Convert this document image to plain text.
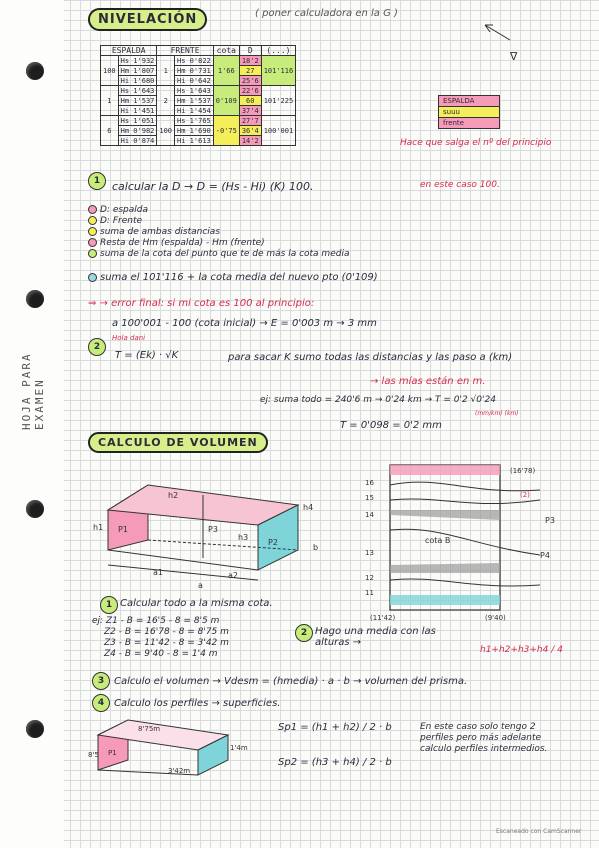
HOJA PARA EXAMEN
NIVELACIÓN	( poner calculadora en la G )
∇
ESPALDA		FRENTE		cota	D	(...)
100	Hs 1'932	1	Hs 0'822	1'66	18'2	101'116
	Hm 1'807		Hm 0'731		27	
	Hi 1'680		Hi 0'642		25'6	
1	Hs 1'643	2	Hs 1'643	0'109	22'6	101'225
	Hm 1'537		Hm 1'537		60	
	Hi 1'451		Hi 1'454		37'4	
6	Hs 1'051	100	Hs 1'765	-0'75	27'7	100'001
	Hm 0'982		Hm 1'690		36'4	
	Hi 0'874		Hi 1'613		14'2	
ESPALDA
suuu
frente
Hace que salga el nº del principio
en este caso 100.
1	calcular la D → D = (Hs - Hi) (K) 100.
D: espalda
D: Frente
suma de ambas distancias
Resta de Hm (espalda) - Hm (frente)
suma de la cota del punto que te de más la cota media
suma el 101'116 + la cota media del nuevo pto (0'109)
⇒ → error final: si mi cota es 100 al principio:
a 100'001 - 100 (cota inicial) → E = 0'003 m → 3 mm
2
Hola dani
T = (Ek) · √K	para sacar K sumo todas las distancias y las paso a (km)
→ las mías están en m.
ej: suma todo = 240'6 m → 0'24 km → T = 0'2 √0'24
(mm/km) (km)
T = 0'098 = 0'2 mm
CALCULO DE VOLUMEN
P1	P3
P2
h2
h1
h3
h4
a1	a2
a
b
16
15
14
13
12
11
(16'78)
(2)
P3
P4
cota B
(11'42)	(9'40)
1 Calcular todo a la misma cota.
ej: Z1 - B = 16'5 - 8 = 8'5 m
Z2 - B = 16'78 - 8 = 8'75 m
Z3 - B = 11'42 - 8 = 3'42 m
Z4 - B = 9'40 - 8 = 1'4 m
2 Hago una media con las alturas →
h1+h2+h3+h4 / 4
3 Calculo el volumen → Vdesm = (hmedia) · a · b → volumen del prisma.
4 Calculo los perfiles → superficies.
8'75m
8'5 P1
1'4m
3'42m
Sp1 = (h1 + h2) / 2 · b
Sp2 = (h3 + h4) / 2 · b
En este caso solo tengo 2 perfiles pero más adelante calculo perfiles intermedios.
Escaneado con CamScanner
